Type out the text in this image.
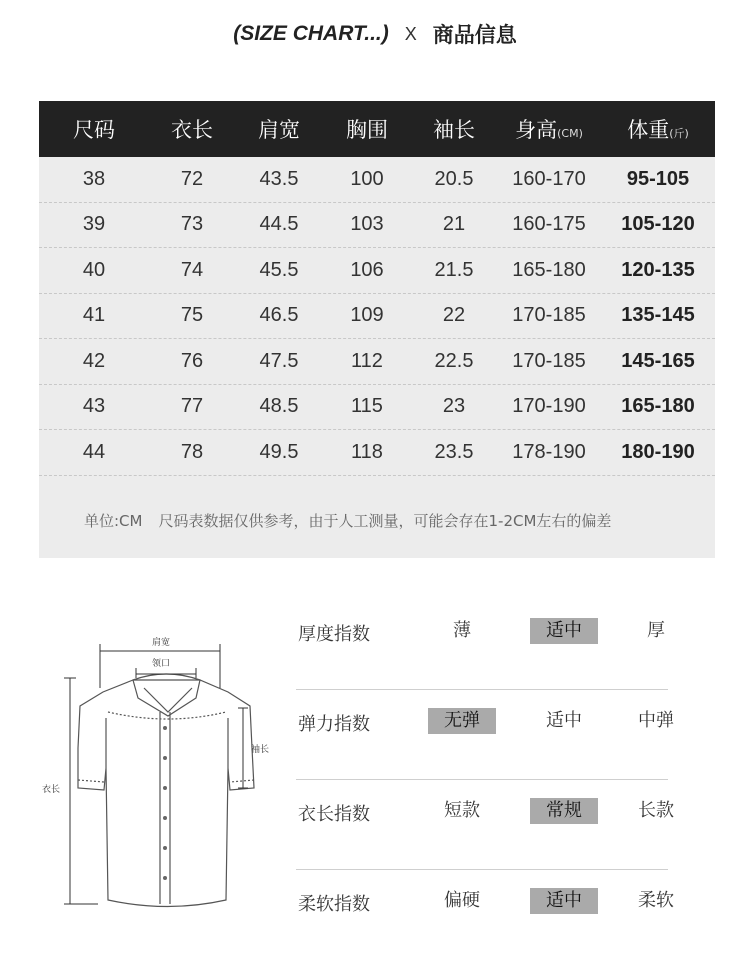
(SIZE CHART...) X 商品信息
尺码	衣长	肩宽	胸围	袖长	身高(CM)	体重(斤)
38	72	43.5	100	20.5	160-170	95-105
39	73	44.5	103	21	160-175	105-120
40	74	45.5	106	21.5	165-180	120-135
41	75	46.5	109	22	170-185	135-145
42	76	47.5	112	22.5	170-185	145-165
43	77	48.5	115	23	170-190	165-180
44	78	49.5	118	23.5	178-190	180-190
单位:CM 尺码表数据仅供参考，由于人工测量，可能会存在1-2CM左右的偏差
肩宽
领口
袖长
衣长
厚度指数	薄	适中	厚
弹力指数	无弹	适中	中弹
衣长指数	短款	常规	长款
柔软指数	偏硬	适中	柔软
